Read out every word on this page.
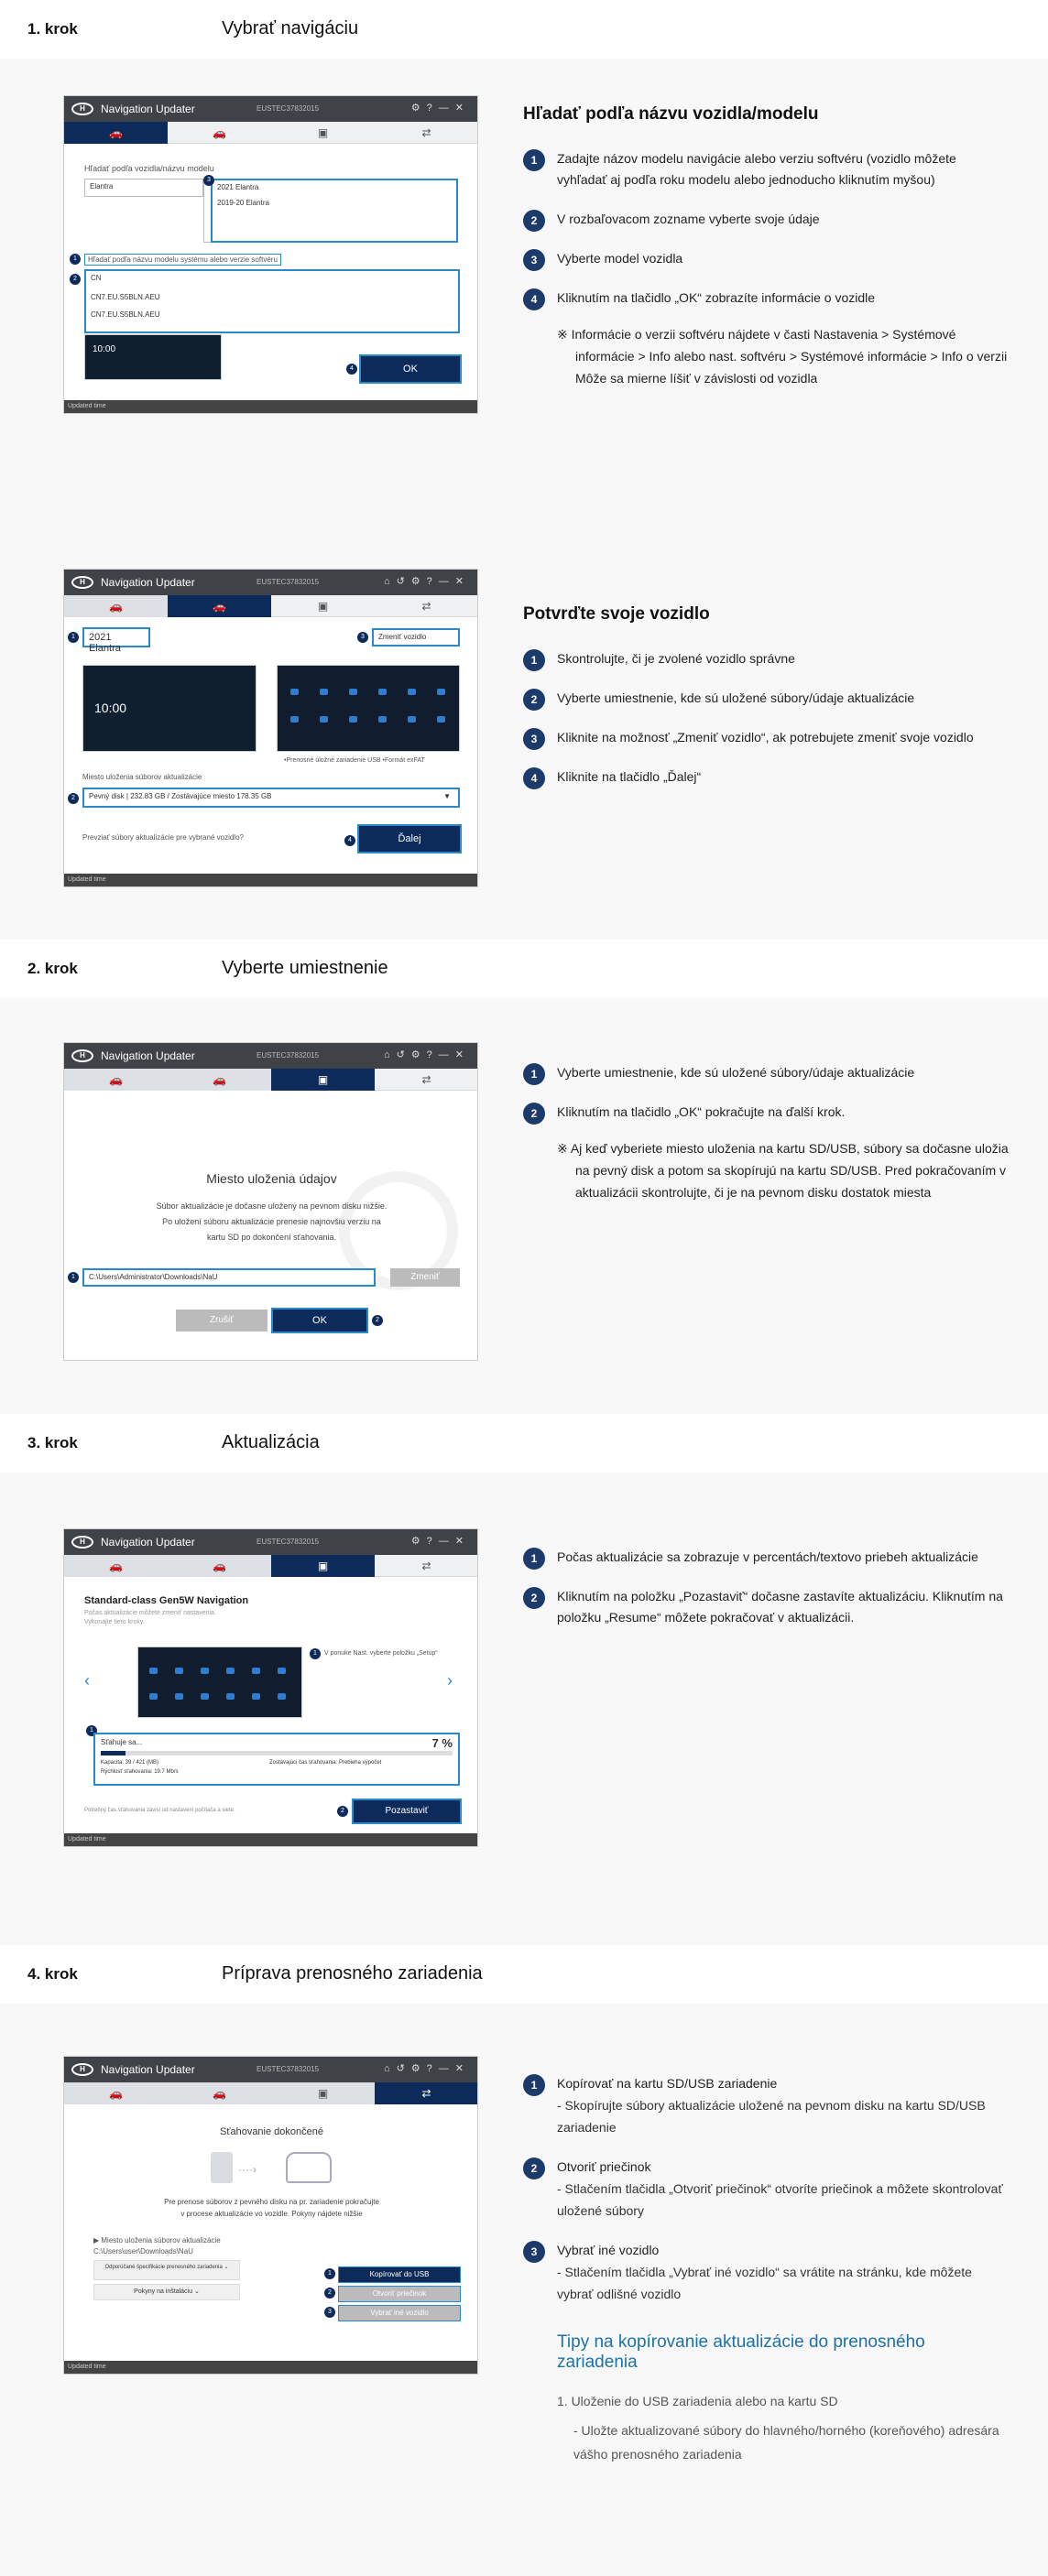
1. krok	Vybrať navigáciu
H	Navigation Updater	EUSTEC37832015	⚙?—✕
🚗	🚗	▣	⇄
Hľadať podľa vozidla/názvu modelu
Elantra	2021 Elantra
2019-20 Elantra
3
Hľadať podľa názvu modelu systému alebo verzie softvéru
1
CN
CN7.EU.S5BLN.AEU
CN7.EU.S5BLN.AEU
2
10:00
4	OK
Updated time
Hľadať podľa názvu vozidla/modelu
1	Zadajte názov modelu navigácie alebo verziu softvéru (vozidlo môžete vyhľadať aj podľa roku modelu alebo jednoducho kliknutím myšou)
2	V rozbaľovacom zozname vyberte svoje údaje
3	Vyberte model vozidla
4	Kliknutím na tlačidlo „OK“ zobrazíte informácie o vozidle
※ Informácie o verzii softvéru nájdete v časti Nastavenia > Systémové informácie > Info alebo nast. softvéru > Systémové informácie > Info o verzii
Môže sa mierne líšiť v závislosti od vozidla
H	Navigation Updater	EUSTEC37832015	⌂↺⚙?—✕
🚗	🚗	▣	⇄
1	2021 Elantra
3	Zmeniť vozidlo
10:00
•Prenosné úložné zariadenie USB •Formát exFAT
Miesto uloženia súborov aktualizácie
2	Pevný disk | 232.83 GB / Zostávajúce miesto 178.35 GB	▼
Prevziať súbory aktualizácie pre vybrané vozidlo?	4	Ďalej
Updated time
Potvrďte svoje vozidlo
1	Skontrolujte, či je zvolené vozidlo správne
2	Vyberte umiestnenie, kde sú uložené súbory/údaje aktualizácie
3	Kliknite na možnosť „Zmeniť vozidlo“, ak potrebujete zmeniť svoje vozidlo
4	Kliknite na tlačidlo „Ďalej“
2. krok	Vyberte umiestnenie
H	Navigation Updater	EUSTEC37832015	⌂↺⚙?—✕
🚗	🚗	▣	⇄
Miesto uloženia údajov
Súbor aktualizácie je dočasne uložený na pevnom disku nižšie.
Po uložení súboru aktualizácie prenesie najnovšiu verziu na
kartu SD po dokončení sťahovania.
1	C:\Users\Administrator\Downloads\NaU	Zmeniť
Zrušiť	OK	2
1	Vyberte umiestnenie, kde sú uložené súbory/údaje aktualizácie
2	Kliknutím na tlačidlo „OK“ pokračujte na ďalší krok.
※ Aj keď vyberiete miesto uloženia na kartu SD/USB, súbory sa dočasne uložia na pevný disk a potom sa skopírujú na kartu SD/USB. Pred pokračovaním v aktualizácii skontrolujte, či je na pevnom disku dostatok miesta
3. krok	Aktualizácia
H	Navigation Updater	EUSTEC37832015	⚙?—✕
🚗	🚗	▣	⇄
Standard-class Gen5W Navigation
Počas aktualizácie môžete zmeniť nastavenia.
Vykonajte tieto kroky.
‹	›
1	V ponuke Nast. vyberte položku „Setup“
1
Sťahuje sa...	7 %
Kapacita: 39 / 421 (MB)	Zostávajúci čas sťahovania: Prebieha výpočet
Rýchlosť sťahovania: 19.7 Mb/s
Potrebný čas sťahovania závisí od nastavení počítača a siete.	2	Pozastaviť
Updated time
1	Počas aktualizácie sa zobrazuje v percentách/textovo priebeh aktualizácie
2	Kliknutím na položku „Pozastaviť“ dočasne zastavíte aktualizáciu. Kliknutím na položku „Resume“ môžete pokračovať v aktualizácii.
4. krok	Príprava prenosného zariadenia
H	Navigation Updater	EUSTEC37832015	⌂↺⚙?—✕
🚗	🚗	▣	⇄
Sťahovanie dokončené
····›
Pre prenose súborov z pevného disku na pr. zariadenie pokračujte
v procese aktualizácie vo vozidle. Pokyny nájdete nižšie
▶ Miesto uloženia súborov aktualizácie
C:\Users\user\Downloads\NaU
Odporúčané špecifikácie prenosného zariadenia ⌄
Pokyny na inštaláciu ⌄
1	Kopírovať do USB
2	Otvoriť priečinok
3	Vybrať iné vozidlo
Updated time
1	Kopírovať na kartu SD/USB zariadenie
- Skopírujte súbory aktualizácie uložené na pevnom disku na kartu SD/USB zariadenie
2	Otvoriť priečinok
- Stlačením tlačidla „Otvoriť priečinok“ otvoríte priečinok a môžete skontrolovať uložené súbory
3	Vybrať iné vozidlo
- Stlačením tlačidla „Vybrať iné vozidlo“ sa vrátite na stránku, kde môžete vybrať odlišné vozidlo
Tipy na kopírovanie aktualizácie do prenosného zariadenia
1. Uloženie do USB zariadenia alebo na kartu SD
- Uložte aktualizované súbory do hlavného/horného (koreňového) adresára vášho prenosného zariadenia
